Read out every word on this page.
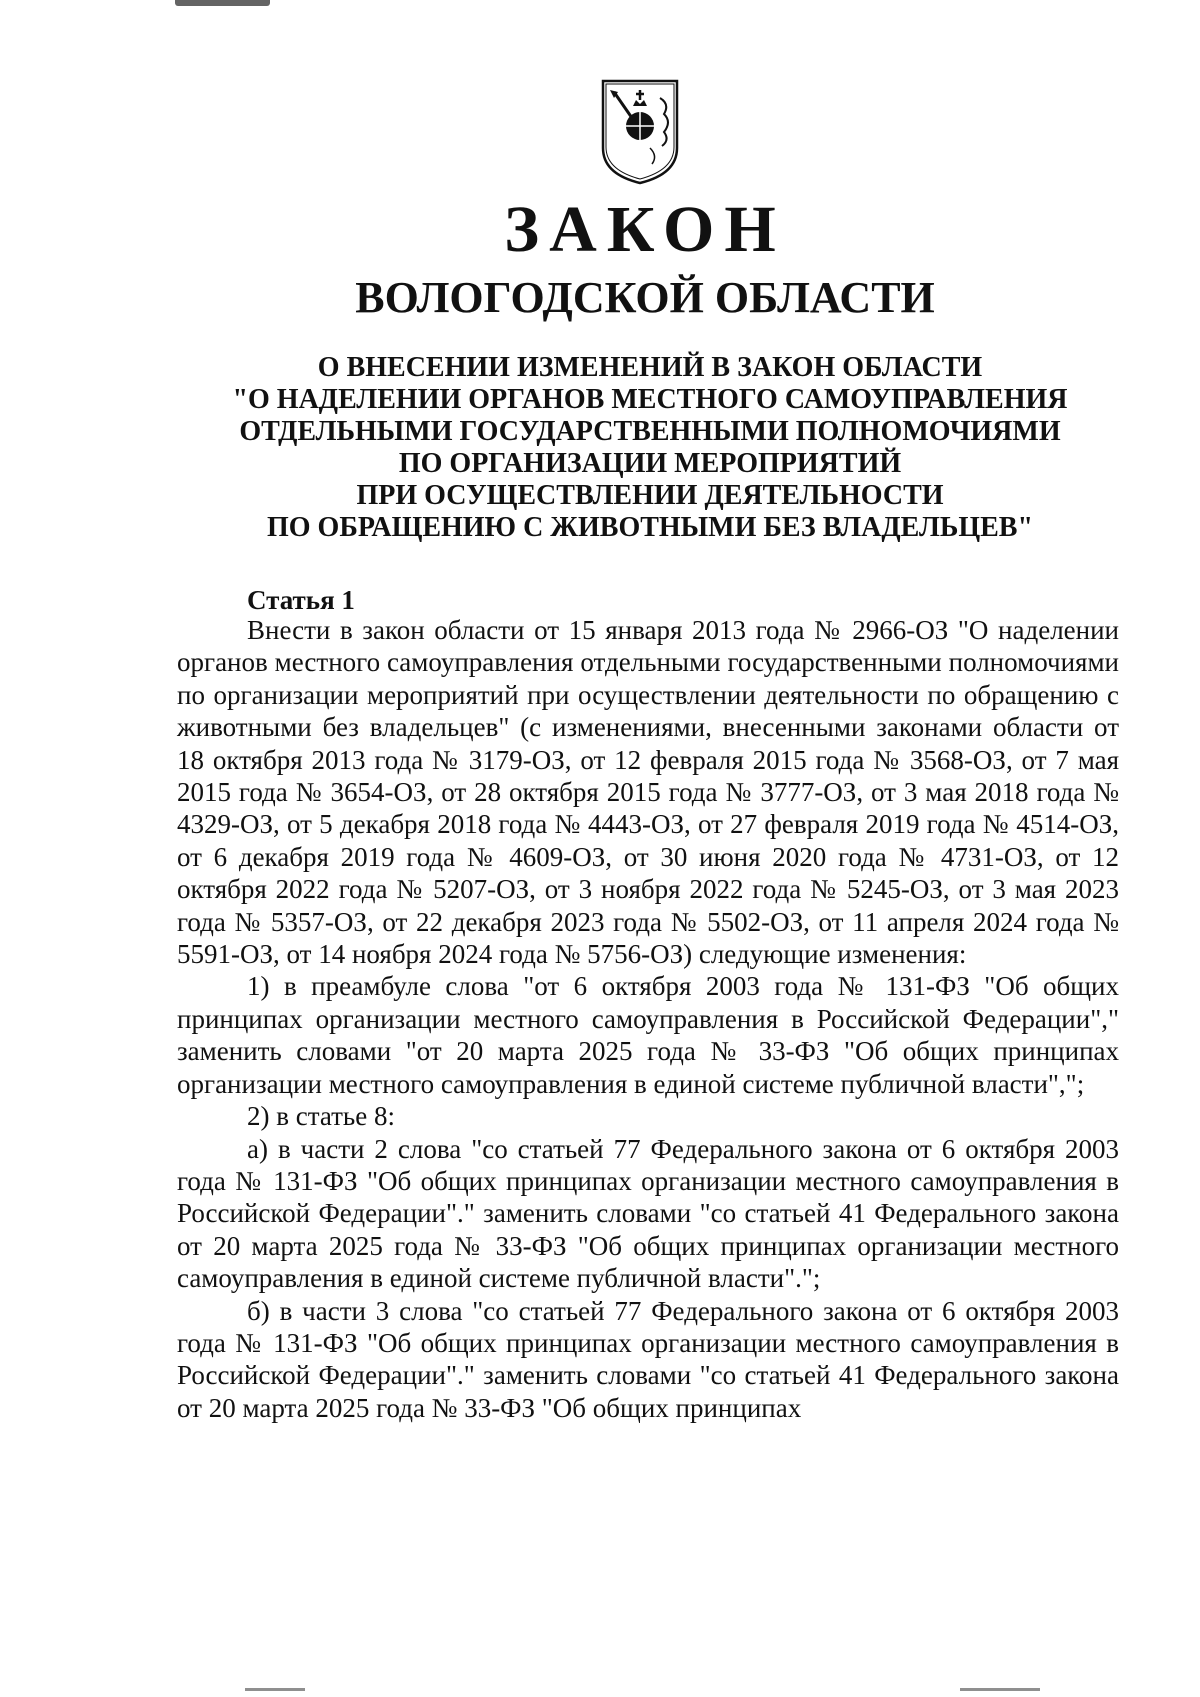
ЗАКОН
ВОЛОГОДСКОЙ ОБЛАСТИ
О ВНЕСЕНИИ ИЗМЕНЕНИЙ В ЗАКОН ОБЛАСТИ
"О НАДЕЛЕНИИ ОРГАНОВ МЕСТНОГО САМОУПРАВЛЕНИЯ
ОТДЕЛЬНЫМИ ГОСУДАРСТВЕННЫМИ ПОЛНОМОЧИЯМИ
ПО ОРГАНИЗАЦИИ МЕРОПРИЯТИЙ
ПРИ ОСУЩЕСТВЛЕНИИ ДЕЯТЕЛЬНОСТИ
ПО ОБРАЩЕНИЮ С ЖИВОТНЫМИ БЕЗ ВЛАДЕЛЬЦЕВ"
Статья 1

Внести в закон области от 15 января 2013 года № 2966-ОЗ "О наделении органов местного самоуправления отдельными государственными полномочиями по организации мероприятий при осуществлении деятельности по обращению с животными без владельцев" (с изменениями, внесенными законами области от 18 октября 2013 года № 3179-ОЗ, от 12 февраля 2015 года № 3568-ОЗ, от 7 мая 2015 года № 3654-ОЗ, от 28 октября 2015 года № 3777-ОЗ, от 3 мая 2018 года № 4329-ОЗ, от 5 декабря 2018 года № 4443-ОЗ, от 27 февраля 2019 года № 4514-ОЗ, от 6 декабря 2019 года № 4609-ОЗ, от 30 июня 2020 года № 4731-ОЗ, от 12 октября 2022 года № 5207-ОЗ, от 3 ноября 2022 года № 5245-ОЗ, от 3 мая 2023 года № 5357-ОЗ, от 22 декабря 2023 года № 5502-ОЗ, от 11 апреля 2024 года № 5591-ОЗ, от 14 ноября 2024 года № 5756-ОЗ) следующие изменения:

1) в преамбуле слова "от 6 октября 2003 года № 131-ФЗ "Об общих принципах организации местного самоуправления в Российской Федерации"," заменить словами "от 20 марта 2025 года № 33-ФЗ "Об общих принципах организации местного самоуправления в единой системе публичной власти",";

2) в статье 8:

а) в части 2 слова "со статьей 77 Федерального закона от 6 октября 2003 года № 131-ФЗ "Об общих принципах организации местного самоуправления в Российской Федерации"." заменить словами "со статьей 41 Федерального закона от 20 марта 2025 года № 33-ФЗ "Об общих принципах организации местного самоуправления в единой системе публичной власти".";

б) в части 3 слова "со статьей 77 Федерального закона от 6 октября 2003 года № 131-ФЗ "Об общих принципах организации местного самоуправления в Российской Федерации"." заменить словами "со статьей 41 Федерального закона от 20 марта 2025 года № 33-ФЗ "Об общих принципах
